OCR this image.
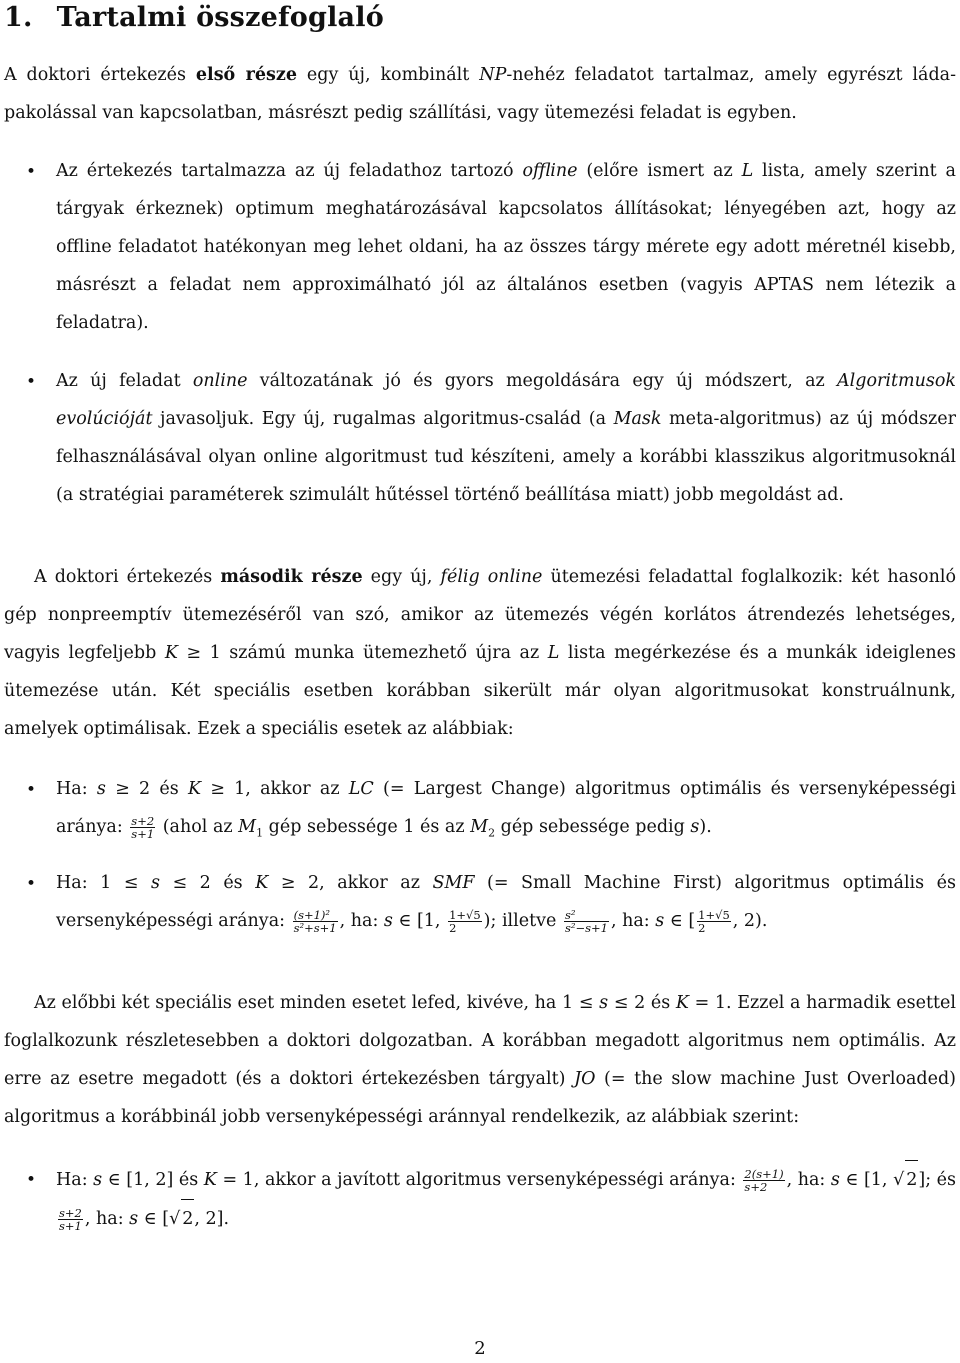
1. Tartalmi összefoglaló

A doktori értekezés első része egy új, kombinált NP-nehéz feladatot tartalmaz, amely egyrészt láda-pakolással van kapcsolatban, másrészt pedig szállítási, vagy ütemezési feladat is egyben.

•

Az értekezés tartalmazza az új feladathoz tartozó offline (előre ismert az L lista, amely szerint a tárgyak érkeznek) optimum meghatározásával kapcsolatos állításokat; lényegében azt, hogy az offline feladatot hatékonyan meg lehet oldani, ha az összes tárgy mérete egy adott méretnél kisebb, másrészt a feladat nem approximálható jól az általános esetben (vagyis APTAS nem létezik a feladatra).

•

Az új feladat online változatának jó és gyors megoldására egy új módszert, az Algoritmusok evolúcióját javasoljuk. Egy új, rugalmas algoritmus-család (a Mask meta-algoritmus) az új módszer felhasználásával olyan online algoritmust tud készíteni, amely a korábbi klasszikus algoritmusoknál (a stratégiai paraméterek szimulált hűtéssel történő beállítása miatt) jobb megoldást ad.

A doktori értekezés második része egy új, félig online ütemezési feladattal foglalkozik: két hasonló gép nonpreemptív ütemezéséről van szó, amikor az ütemezés végén korlátos átrendezés lehetséges, vagyis legfeljebb K ≥ 1 számú munka ütemezhető újra az L lista megérkezése és a munkák ideiglenes ütemezése után. Két speciális esetben korábban sikerült már olyan algoritmusokat konstruálnunk, amelyek optimálisak. Ezek a speciális esetek az alábbiak:

•

Ha: s ≥ 2 és K ≥ 1, akkor az LC (= Largest Change) algoritmus optimális és versenyképességi aránya: $\frac{s+2}{s+1}$ (ahol az $M_1$ gép sebessége 1 és az $M_2$ gép sebessége pedig s).

•

Ha: 1 ≤ s ≤ 2 és K ≥ 2, akkor az SMF (= Small Machine First) algoritmus optimális és versenyképességi aránya: $\frac{\text{(s+1)²}}{\text{s²+s+1}}$ , ha: s ∈ [1, $\frac{1+√5}{2}$ ); illetve $\frac{\text{s²}}{\text{s²−s+1}}$ , ha: s ∈ [ $\frac{1+√5}{2}$ , 2).

Az előbbi két speciális eset minden esetet lefed, kivéve, ha 1 ≤ s ≤ 2 és K = 1. Ezzel a harmadik esettel foglalkozunk részletesebben a doktori dolgozatban. A korábban megadott algoritmus nem optimális. Az erre az esetre megadott (és a doktori értekezésben tárgyalt) JO (= the slow machine Just Overloaded) algoritmus a korábbinál jobb versenyképességi aránnyal rendelkezik, az alábbiak szerint:

•

Ha: s ∈ [1, 2] és K = 1, akkor a javított algoritmus versenyképességi aránya: $\frac{2(s+1)}{s+2}$ , ha: s ∈ [1, √ 2]; és
$\frac{s+2}{s+1}$ , ha: s ∈ [√ 2, 2].

2
